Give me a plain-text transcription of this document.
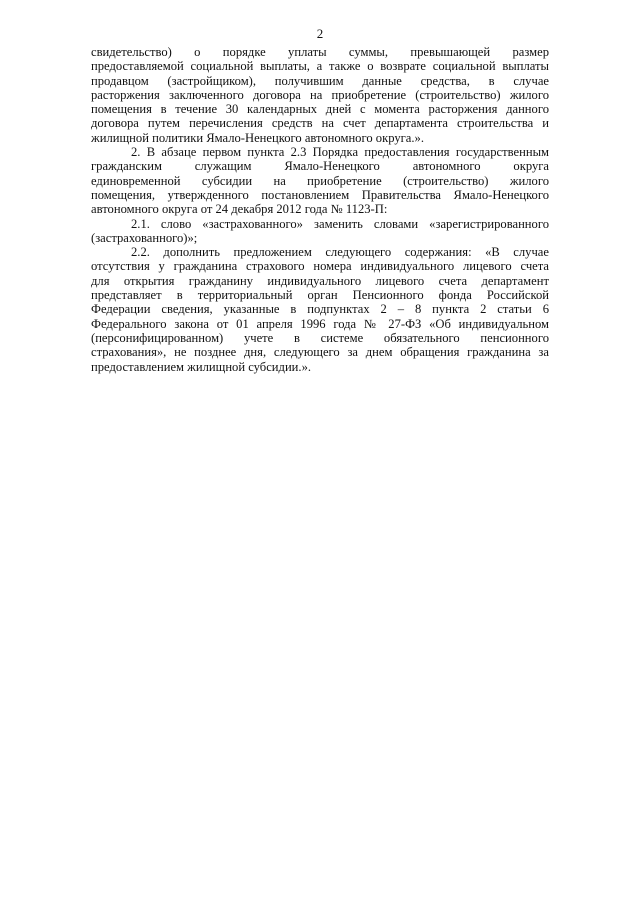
2
свидетельство) о порядке уплаты суммы, превышающей размер
предоставляемой социальной выплаты, а также о возврате социальной выплаты
продавцом (застройщиком), получившим данные средства, в случае
расторжения заключенного договора на приобретение (строительство) жилого
помещения в течение 30 календарных дней с момента расторжения данного
договора путем перечисления средств на счет департамента строительства и
жилищной политики Ямало-Ненецкого автономного округа.».
2. В абзаце первом пункта 2.3 Порядка предоставления государственным
гражданским служащим Ямало-Ненецкого автономного округа
единовременной субсидии на приобретение (строительство) жилого
помещения, утвержденного постановлением Правительства Ямало-Ненецкого
автономного округа от 24 декабря 2012 года № 1123-П:
2.1. слово «застрахованного» заменить словами «зарегистрированного
(застрахованного)»;
2.2. дополнить предложением следующего содержания: «В случае
отсутствия у гражданина страхового номера индивидуального лицевого счета
для открытия гражданину индивидуального лицевого счета департамент
представляет в территориальный орган Пенсионного фонда Российской
Федерации сведения, указанные в подпунктах 2 – 8 пункта 2 статьи 6
Федерального закона от 01 апреля 1996 года № 27-ФЗ «Об индивидуальном
(персонифицированном) учете в системе обязательного пенсионного
страхования», не позднее дня, следующего за днем обращения гражданина за
предоставлением жилищной субсидии.».
